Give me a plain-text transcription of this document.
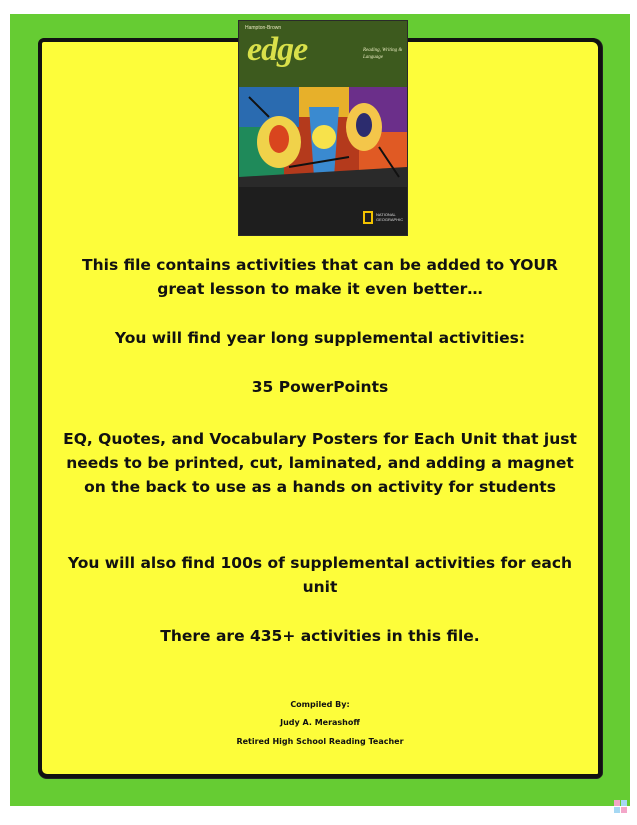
Hampton-Brown
edge	Reading, Writing & Language
NATIONAL GEOGRAPHIC
This file contains activities that can be added to YOUR great lesson to make it even better…
You will find year long supplemental activities:
35 PowerPoints
EQ, Quotes, and Vocabulary Posters for Each Unit that just needs to be printed, cut, laminated, and adding a magnet on the back to use as a hands on activity for students
You will also find 100s of supplemental activities for each unit
There are 435+ activities in this file.
Compiled By:
Judy A. Merashoff
Retired High School Reading Teacher
